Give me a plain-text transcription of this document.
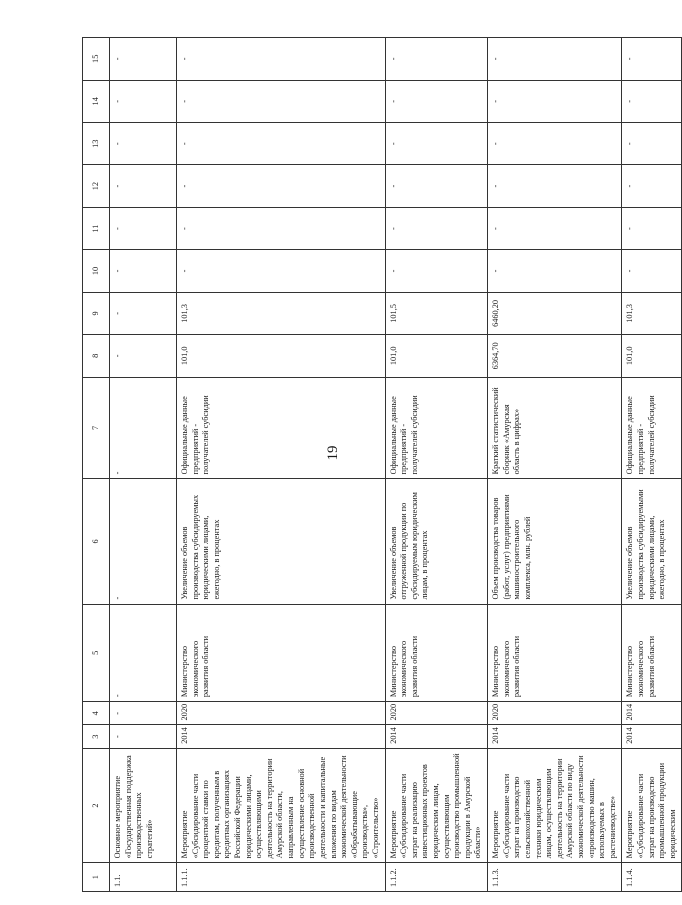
19
1	2	3	4	5	6	7	8	9	10	11	12	13	14	15
1.1.	Основное мероприятие «Государственная поддержка производственных стратегий»	-	-	-	-	-	-	-	-	-	-	-	-	-
1.1.1.	Мероприятие «Субсидирование части процентной ставки по кредитам, полученным в кредитных организациях Российской Федерации юридическими лицами, осуществляющими деятельность на территории Амурской области, направленным на осуществление основной производственной деятельности и капитальные вложения по видам экономической деятельности «Обрабатывающие производства», «Строительство»	2014	2020	Министерство экономического развития области	Увеличение объемов производства субсидируемых юридическими лицами, ежегодно, в процентах	Официальные данные предприятий - получателей субсидии	101,0	101,3	-	-	-	-	-	-
1.1.2.	Мероприятие «Субсидирование части затрат на реализацию инвестиционных проектов юридическим лицам, осуществляющим производство промышленной продукции в Амурской области»	2014	2020	Министерство экономического развития области	Увеличение объемов отгруженной продукции по субсидируемым юридическим лицам, в процентах	Официальные данные предприятий - получателей субсидии	101,0	101,5	-	-	-	-	-	-
1.1.3.	Мероприятие «Субсидирование части затрат на производство сельскохозяйственной техники юридическим лицам, осуществляющим деятельность на территории Амурской области по виду экономической деятельности «производство машин, используемых в растениеводстве»	2014	2020	Министерство экономического развития области	Объем производства товаров (работ, услуг) предприятиями машиностроительного комплекса, млн. рублей	Краткий статистический сборник «Амурская область в цифрах»	6364,70	6460,20	-	-	-	-	-	-
1.1.4.	Мероприятие «Субсидирование части затрат на производство промышленной продукции юридическим	2014	2014	Министерство экономического развития области	Увеличение объемов производства субсидируемыми юридическими лицами, ежегодно, в процентах	Официальные данные предприятий - получателей субсидии	101,0	101,3	-	-	-	-	-	-
